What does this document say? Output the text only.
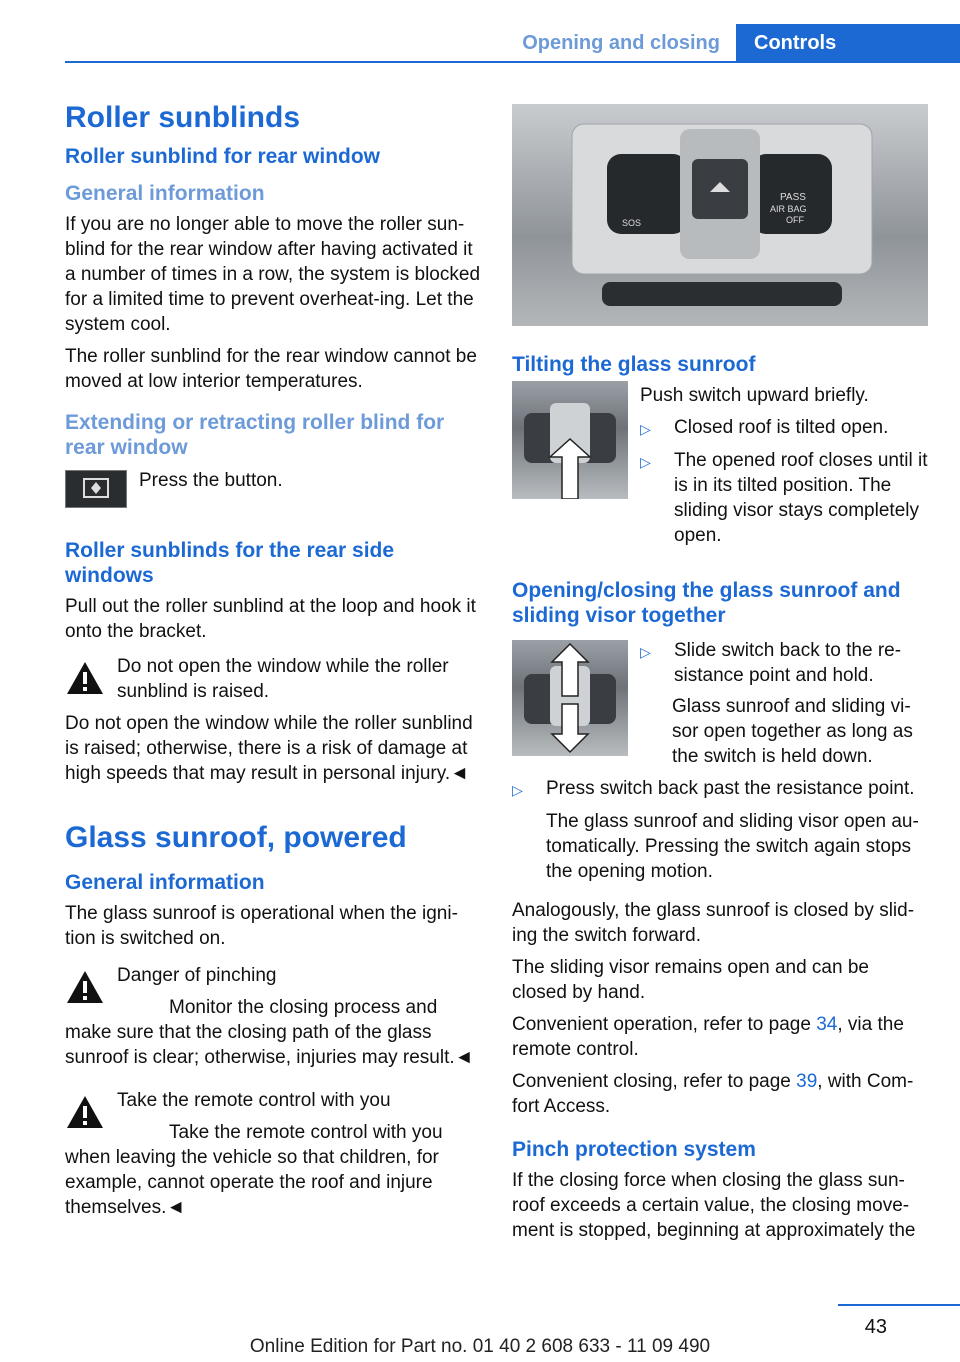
Opening and closing	Controls
Roller sunblinds
Roller sunblind for rear window
General information

If you are no longer able to move the roller sun-blind for the rear window after having activated it a number of times in a row, the system is blocked for a limited time to prevent overheat-ing. Let the system cool.

The roller sunblind for the rear window cannot be moved at low interior temperatures.

Extending or retracting roller blind for rear window

Press the button.

Roller sunblinds for the rear side windows

Pull out the roller sunblind at the loop and hook it onto the bracket.

Do not open the window while the roller sunblind is raised.

Do not open the window while the roller sunblind is raised; otherwise, there is a risk of damage at high speeds that may result in personal injury.◄

Glass sunroof, powered
General information

The glass sunroof is operational when the igni-tion is switched on.

Danger of pinching

Monitor the closing process and make sure that the closing path of the glass sunroof is clear; otherwise, injuries may result.◄

Take the remote control with you

Take the remote control with you when leaving the vehicle so that children, for example, cannot operate the roof and injure themselves.◄

SOS
PASS
AIR BAG
OFF
Tilting the glass sunroof

Push switch upward briefly.

▷	Closed roof is tilted open.
▷	The opened roof closes until it is in its tilted position. The sliding visor stays completely open.
Opening/closing the glass sunroof and sliding visor together
▷	Slide switch back to the re-sistance point and hold.

Glass sunroof and sliding vi-sor open together as long as the switch is held down.

▷	Press switch back past the resistance point.

The glass sunroof and sliding visor open au-tomatically. Pressing the switch again stops the opening motion.

Analogously, the glass sunroof is closed by slid-ing the switch forward.

The sliding visor remains open and can be closed by hand.

Convenient operation, refer to page 34, via the remote control.

Convenient closing, refer to page 39, with Com-fort Access.

Pinch protection system

If the closing force when closing the glass sun-roof exceeds a certain value, the closing move-ment is stopped, beginning at approximately the

43
Online Edition for Part no. 01 40 2 608 633 - 11 09 490
